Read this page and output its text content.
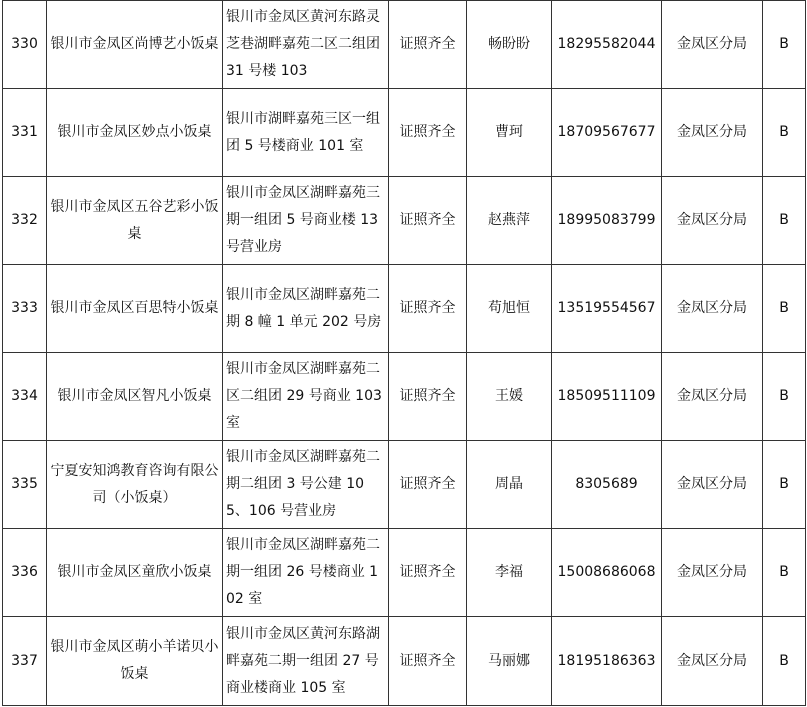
330	银川市金凤区尚博艺小饭桌	银川市金凤区黄河东路灵芝巷湖畔嘉苑二区二组团 31 号楼 103	证照齐全	畅盼盼	18295582044	金凤区分局	B
331	银川市金凤区妙点小饭桌	银川市湖畔嘉苑三区一组团 5 号楼商业 101 室	证照齐全	曹珂	18709567677	金凤区分局	B
332	银川市金凤区五谷艺彩小饭桌	银川市金凤区湖畔嘉苑三期一组团 5 号商业楼 13 号营业房	证照齐全	赵燕萍	18995083799	金凤区分局	B
333	银川市金凤区百思特小饭桌	银川市金凤区湖畔嘉苑二期 8 幢 1 单元 202 号房	证照齐全	苟旭恒	13519554567	金凤区分局	B
334	银川市金凤区智凡小饭桌	银川市金凤区湖畔嘉苑二区二组团 29 号商业 103 室	证照齐全	王媛	18509511109	金凤区分局	B
335	宁夏安知鸿教育咨询有限公司（小饭桌）	银川市金凤区湖畔嘉苑二期二组团 3 号公建 105、106 号营业房	证照齐全	周晶	8305689	金凤区分局	B
336	银川市金凤区童欣小饭桌	银川市金凤区湖畔嘉苑二期一组团 26 号楼商业 102 室	证照齐全	李福	15008686068	金凤区分局	B
337	银川市金凤区萌小羊诺贝小饭桌	银川市金凤区黄河东路湖畔嘉苑二期一组团 27 号商业楼商业 105 室	证照齐全	马丽娜	18195186363	金凤区分局	B
